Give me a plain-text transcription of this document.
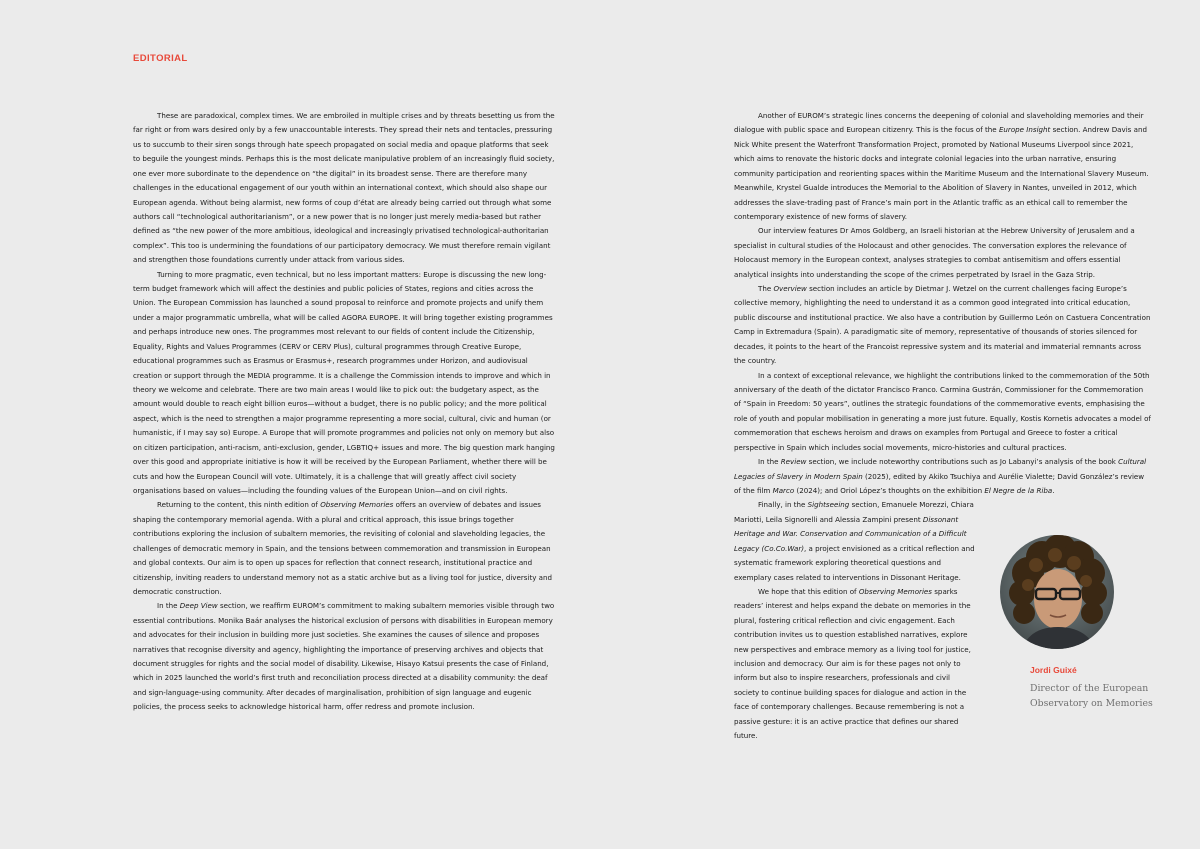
EDITORIAL

These are paradoxical, complex times. We are embroiled in multiple crises and by threats besetting us from the far right or from wars desired only by a few unaccountable interests. They spread their nets and tentacles, pressuring us to succumb to their siren songs through hate speech propagated on social media and opaque platforms that seek to beguile the youngest minds. Perhaps this is the most delicate manipulative problem of an increasingly fluid society, one ever more subordinate to the dependence on “the digital” in its broadest sense. There are therefore many challenges in the educational engagement of our youth within an international context, which should also shape our European agenda. Without being alarmist, new forms of coup d’état are already being carried out through what some authors call “technological authoritarianism”, or a new power that is no longer just merely media-based but rather defined as “the new power of the more ambitious, ideological and increasingly privatised technological-authoritarian complex”. This too is undermining the foundations of our participatory democracy. We must therefore remain vigilant and strengthen those foundations currently under attack from various sides.

Turning to more pragmatic, even technical, but no less important matters: Europe is discussing the new long-term budget framework which will affect the destinies and public policies of States, regions and cities across the Union. The European Commission has launched a sound proposal to reinforce and promote projects and unify them under a major programmatic umbrella, what will be called AGORA EUROPE. It will bring together existing programmes and perhaps introduce new ones. The programmes most relevant to our fields of content include the Citizenship, Equality, Rights and Values Programmes (CERV or CERV Plus), cultural programmes through Creative Europe, educational programmes such as Erasmus or Erasmus+, research programmes under Horizon, and audiovisual creation or support through the MEDIA programme. It is a challenge the Commission intends to improve and which in theory we welcome and celebrate. There are two main areas I would like to pick out: the budgetary aspect, as the amount would double to reach eight billion euros—without a budget, there is no public policy; and the more political aspect, which is the need to strengthen a major programme representing a more social, cultural, civic and human (or humanistic, if I may say so) Europe. A Europe that will promote programmes and policies not only on memory but also on citizen participation, anti-racism, anti-exclusion, gender, LGBTIQ+ issues and more. The big question mark hanging over this good and appropriate initiative is how it will be received by the European Parliament, whether there will be cuts and how the European Council will vote. Ultimately, it is a challenge that will greatly affect civil society organisations based on values—including the founding values of the European Union—and on civil rights.

Returning to the content, this ninth edition of Observing Memories offers an overview of debates and issues shaping the contemporary memorial agenda. With a plural and critical approach, this issue brings together contributions exploring the inclusion of subaltern memories, the revisiting of colonial and slaveholding legacies, the challenges of democratic memory in Spain, and the tensions between commemoration and transmission in European and global contexts. Our aim is to open up spaces for reflection that connect research, institutional practice and citizenship, inviting readers to understand memory not as a static archive but as a living tool for justice, diversity and democratic construction.

In the Deep View section, we reaffirm EUROM’s commitment to making subaltern memories visible through two essential contributions. Monika Baár analyses the historical exclusion of persons with disabilities in European memory and advocates for their inclusion in building more just societies. She examines the causes of silence and proposes narratives that recognise diversity and agency, highlighting the importance of preserving archives and objects that document struggles for rights and the social model of disability. Likewise, Hisayo Katsui presents the case of Finland, which in 2025 launched the world’s first truth and reconciliation process directed at a disability community: the deaf and sign-language-using community. After decades of marginalisation, prohibition of sign language and eugenic policies, the process seeks to acknowledge historical harm, offer redress and promote inclusion.

Another of EUROM’s strategic lines concerns the deepening of colonial and slaveholding memories and their dialogue with public space and European citizenry. This is the focus of the Europe Insight section. Andrew Davis and Nick White present the Waterfront Transformation Project, promoted by National Museums Liverpool since 2021, which aims to renovate the historic docks and integrate colonial legacies into the urban narrative, ensuring community participation and reorienting spaces within the Maritime Museum and the International Slavery Museum. Meanwhile, Krystel Gualde introduces the Memorial to the Abolition of Slavery in Nantes, unveiled in 2012, which addresses the slave-trading past of France’s main port in the Atlantic traffic as an ethical call to remember the contemporary existence of new forms of slavery.

Our interview features Dr Amos Goldberg, an Israeli historian at the Hebrew University of Jerusalem and a specialist in cultural studies of the Holocaust and other genocides. The conversation explores the relevance of Holocaust memory in the European context, analyses strategies to combat antisemitism and offers essential analytical insights into understanding the scope of the crimes perpetrated by Israel in the Gaza Strip.

The Overview section includes an article by Dietmar J. Wetzel on the current challenges facing Europe’s collective memory, highlighting the need to understand it as a common good integrated into critical education, public discourse and institutional practice. We also have a contribution by Guillermo León on Castuera Concentration Camp in Extremadura (Spain). A paradigmatic site of memory, representative of thousands of stories silenced for decades, it points to the heart of the Francoist repressive system and its material and immaterial remnants across the country.

In a context of exceptional relevance, we highlight the contributions linked to the commemoration of the 50th anniversary of the death of the dictator Francisco Franco. Carmina Gustrán, Commissioner for the Commemoration of “Spain in Freedom: 50 years”, outlines the strategic foundations of the commemorative events, emphasising the role of youth and popular mobilisation in generating a more just future. Equally, Kostis Kornetis advocates a model of commemoration that eschews heroism and draws on examples from Portugal and Greece to foster a critical perspective in Spain which includes social movements, micro-histories and cultural practices.

In the Review section, we include noteworthy contributions such as Jo Labanyi’s analysis of the book Cultural Legacies of Slavery in Modern Spain (2025), edited by Akiko Tsuchiya and Aurélie Vialette; David González’s review of the film Marco (2024); and Oriol López’s thoughts on the exhibition El Negre de la Riba.

Finally, in the Sightseeing section, Emanuele Morezzi, Chiara Mariotti, Leila Signorelli and Alessia Zampini present Dissonant Heritage and War. Conservation and Communication of a Difficult Legacy (Co.Co.War), a project envisioned as a critical reflection and systematic framework exploring theoretical questions and exemplary cases related to interventions in Dissonant Heritage.

We hope that this edition of Observing Memories sparks readers’ interest and helps expand the debate on memories in the plural, fostering critical reflection and civic engagement. Each contribution invites us to question established narratives, explore new perspectives and embrace memory as a living tool for justice, inclusion and democracy. Our aim is for these pages not only to inform but also to inspire researchers, professionals and civil society to continue building spaces for dialogue and action in the face of contemporary challenges. Because remembering is not a passive gesture: it is an active practice that defines our shared future.

Jordi Guixé
Director of the European Observatory on Memories
